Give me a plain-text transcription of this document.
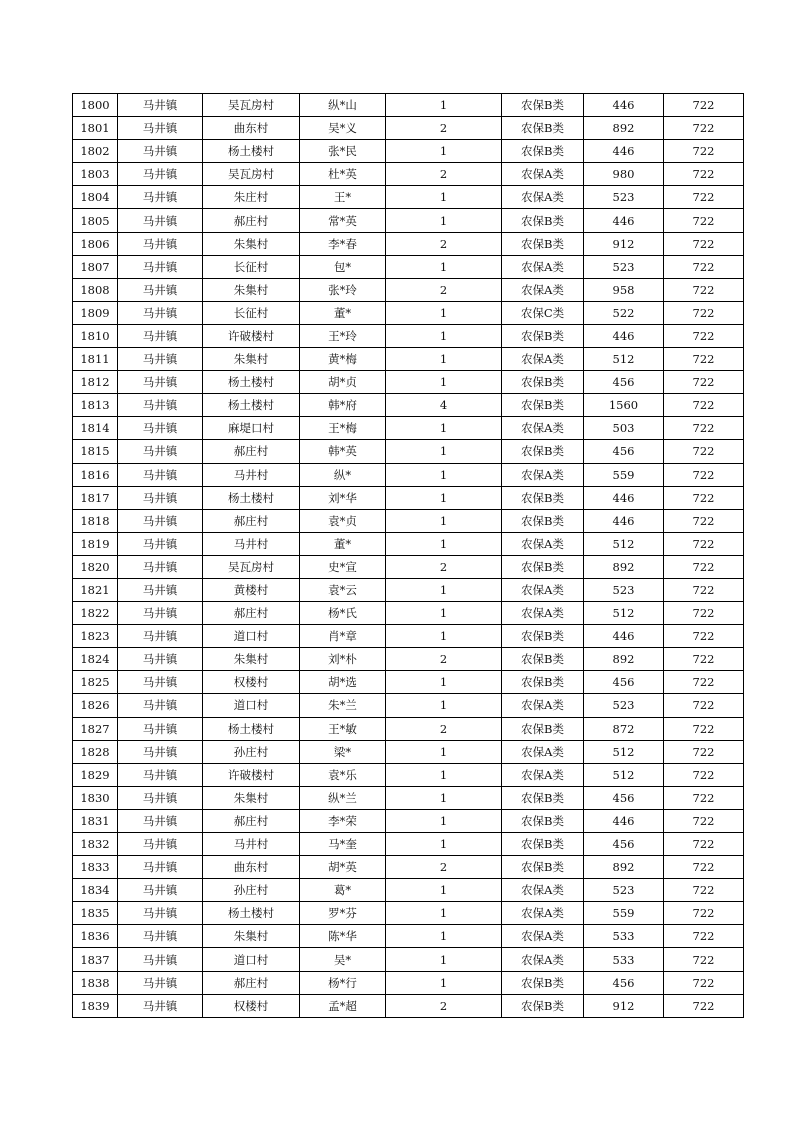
1800	马井镇	吴瓦房村	纵*山	1	农保B类	446	722
1801	马井镇	曲东村	吴*义	2	农保B类	892	722
1802	马井镇	杨土楼村	张*民	1	农保B类	446	722
1803	马井镇	吴瓦房村	杜*英	2	农保A类	980	722
1804	马井镇	朱庄村	王*	1	农保A类	523	722
1805	马井镇	郝庄村	常*英	1	农保B类	446	722
1806	马井镇	朱集村	李*春	2	农保B类	912	722
1807	马井镇	长征村	包*	1	农保A类	523	722
1808	马井镇	朱集村	张*玲	2	农保A类	958	722
1809	马井镇	长征村	董*	1	农保C类	522	722
1810	马井镇	许破楼村	王*玲	1	农保B类	446	722
1811	马井镇	朱集村	黄*梅	1	农保A类	512	722
1812	马井镇	杨土楼村	胡*贞	1	农保B类	456	722
1813	马井镇	杨土楼村	韩*府	4	农保B类	1560	722
1814	马井镇	麻堤口村	王*梅	1	农保A类	503	722
1815	马井镇	郝庄村	韩*英	1	农保B类	456	722
1816	马井镇	马井村	纵*	1	农保A类	559	722
1817	马井镇	杨土楼村	刘*华	1	农保B类	446	722
1818	马井镇	郝庄村	袁*贞	1	农保B类	446	722
1819	马井镇	马井村	董*	1	农保A类	512	722
1820	马井镇	吴瓦房村	史*宣	2	农保B类	892	722
1821	马井镇	黄楼村	袁*云	1	农保A类	523	722
1822	马井镇	郝庄村	杨*氏	1	农保A类	512	722
1823	马井镇	道口村	肖*章	1	农保B类	446	722
1824	马井镇	朱集村	刘*朴	2	农保B类	892	722
1825	马井镇	权楼村	胡*选	1	农保B类	456	722
1826	马井镇	道口村	朱*兰	1	农保A类	523	722
1827	马井镇	杨土楼村	王*敏	2	农保B类	872	722
1828	马井镇	孙庄村	梁*	1	农保A类	512	722
1829	马井镇	许破楼村	袁*乐	1	农保A类	512	722
1830	马井镇	朱集村	纵*兰	1	农保B类	456	722
1831	马井镇	郝庄村	李*荣	1	农保B类	446	722
1832	马井镇	马井村	马*奎	1	农保B类	456	722
1833	马井镇	曲东村	胡*英	2	农保B类	892	722
1834	马井镇	孙庄村	葛*	1	农保A类	523	722
1835	马井镇	杨土楼村	罗*芬	1	农保A类	559	722
1836	马井镇	朱集村	陈*华	1	农保A类	533	722
1837	马井镇	道口村	吴*	1	农保A类	533	722
1838	马井镇	郝庄村	杨*行	1	农保B类	456	722
1839	马井镇	权楼村	孟*超	2	农保B类	912	722
